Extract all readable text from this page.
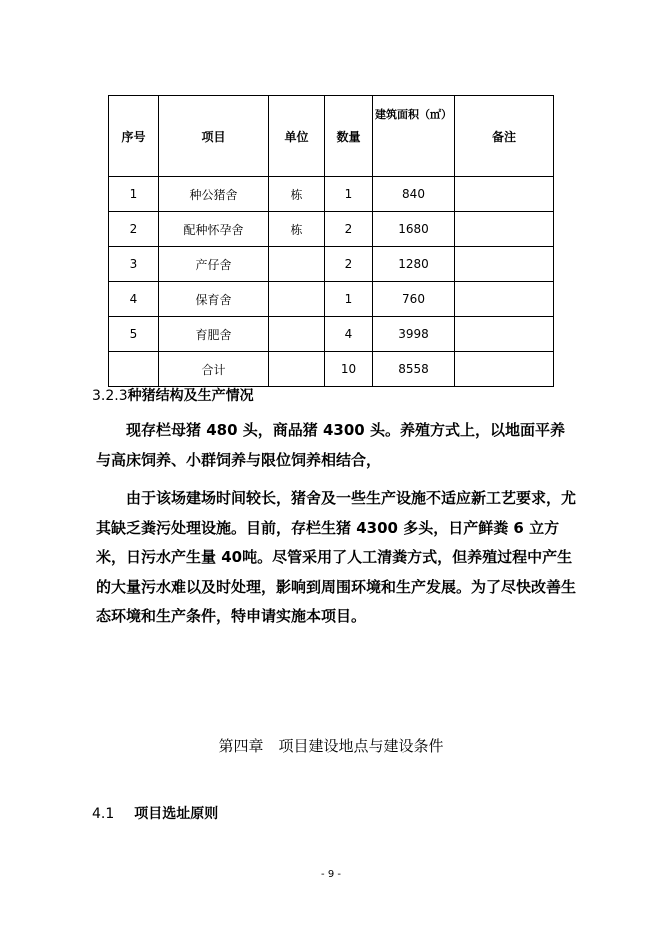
序号	项目	单位	数量	建筑面积（㎡）	备注
1	种公猪舍	栋	1	840	
2	配种怀孕舍	栋	2	1680	
3	产仔舍		2	1280	
4	保育舍		1	760	
5	育肥舍		4	3998	
	合计		10	8558	
3.2.3种猪结构及生产情况

现存栏母猪 480 头，商品猪 4300 头。养殖方式上，以地面平养与高床饲养、小群饲养与限位饲养相结合，

由于该场建场时间较长，猪舍及一些生产设施不适应新工艺要求，尤其缺乏粪污处理设施。目前，存栏生猪 4300 多头，日产鲜粪 6 立方米，日污水产生量 40吨。尽管采用了人工清粪方式，但养殖过程中产生的大量污水难以及时处理，影响到周围环境和生产发展。为了尽快改善生态环境和生产条件，特申请实施本项目。

第四章　项目建设地点与建设条件
4.1 项目选址原则
- 9 -
